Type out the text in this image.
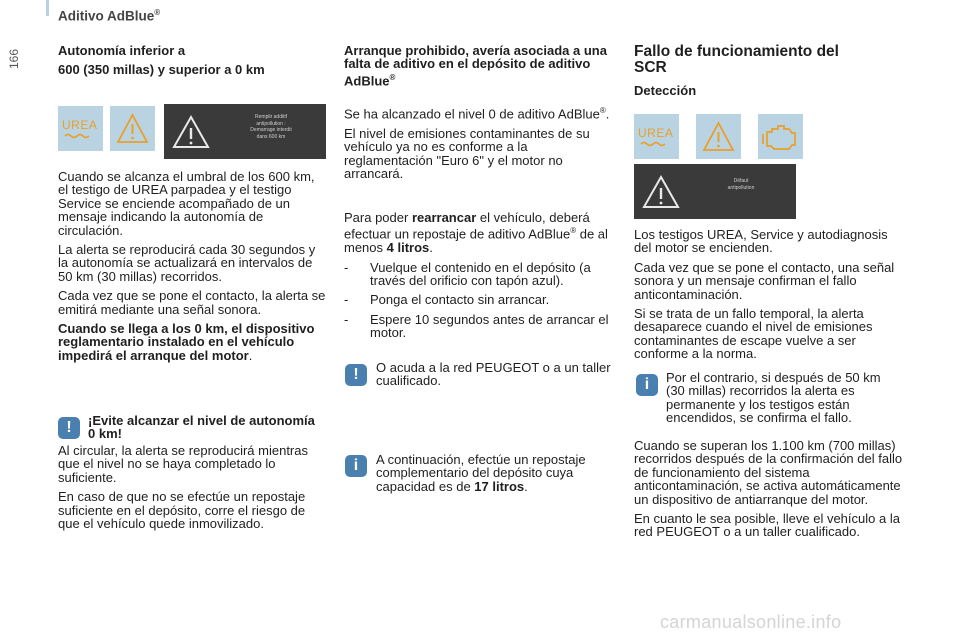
166
Aditivo AdBlue®

Autonomía inferior a

600 (350 millas) y superior a 0 km

UREA
Remplir additif
antipollution :
Demarrage interdit
dans 600 km

Cuando se alcanza el umbral de los 600 km, el testigo de UREA parpadea y el testigo Service se enciende acompañado de un mensaje indicando la autonomía de circulación.

La alerta se reproducirá cada 30 segundos y la autonomía se actualizará en intervalos de 50 km (30 millas) recorridos.

Cada vez que se pone el contacto, la alerta se emitirá mediante una señal sonora.

Cuando se llega a los 0 km, el dispositivo reglamentario instalado en el vehículo impedirá el arranque del motor.

!	¡Evite alcanzar el nivel de autonomía 0 km!

Al circular, la alerta se reproducirá mientras que el nivel no se haya completado lo suficiente.

En caso de que no se efectúe un repostaje suficiente en el depósito, corre el riesgo de que el vehículo quede inmovilizado.

Arranque prohibido, avería asociada a una falta de aditivo en el depósito de aditivo AdBlue®

Se ha alcanzado el nivel 0 de aditivo AdBlue®.

El nivel de emisiones contaminantes de su vehículo ya no es conforme a la reglamentación "Euro 6" y el motor no arrancará.

Para poder rearrancar el vehículo, deberá efectuar un repostaje de aditivo AdBlue® de al menos 4 litros.

- Vuelque el contenido en el depósito (a través del orificio con tapón azul).
- Ponga el contacto sin arrancar.
- Espere 10 segundos antes de arrancar el motor.
!	O acuda a la red PEUGEOT o a un taller cualificado.

i	A continuación, efectúe un repostaje complementario del depósito cuya capacidad es de 17 litros.

Fallo de funcionamiento del SCR

Detección

UREA
Défaut
antipollution

Los testigos UREA, Service y autodiagnosis del motor se encienden.

Cada vez que se pone el contacto, una señal sonora y un mensaje confirman el fallo anticontaminación.

Si se trata de un fallo temporal, la alerta desaparece cuando el nivel de emisiones contaminantes de escape vuelve a ser conforme a la norma.

i	Por el contrario, si después de 50 km (30 millas) recorridos la alerta es permanente y los testigos están encendidos, se confirma el fallo.

Cuando se superan los 1.100 km (700 millas) recorridos después de la confirmación del fallo de funcionamiento del sistema anticontaminación, se activa automáticamente un dispositivo de antiarranque del motor.

En cuanto le sea posible, lleve el vehículo a la red PEUGEOT o a un taller cualificado.

carmanualsonline.info
